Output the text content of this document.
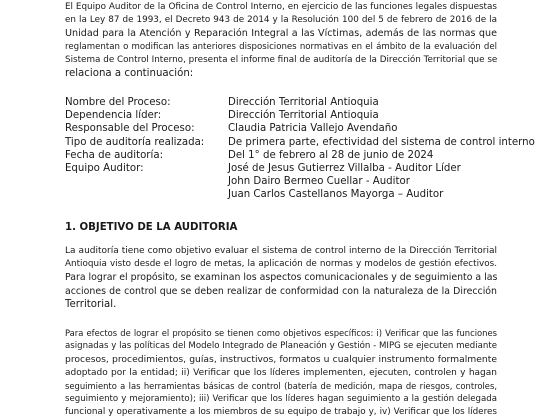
El Equipo Auditor de la Oficina de Control Interno, en ejercicio de las funciones legales dispuestas
en la Ley 87 de 1993, el Decreto 943 de 2014 y la Resolución 100 del 5 de febrero de 2016 de la
Unidad para la Atención y Reparación Integral a las Víctimas, además de las normas que
reglamentan o modifican las anteriores disposiciones normativas en el ámbito de la evaluación del
Sistema de Control Interno, presenta el informe final de auditoría de la Dirección Territorial que se
relaciona a continuación:
Nombre del Proceso:	Dirección Territorial Antioquia
Dependencia líder:	Dirección Territorial Antioquia
Responsable del Proceso:	Claudia Patricia Vallejo Avendaño
Tipo de auditoría realizada: De primera parte, efectividad del sistema de control interno
Fecha de auditoría:	Del 1° de febrero al 28 de junio de 2024
Equipo Auditor:	José de Jesus Gutierrez Villalba - Auditor Líder
John Dairo Bermeo Cuellar - Auditor
Juan Carlos Castellanos Mayorga – Auditor
1. OBJETIVO DE LA AUDITORIA
La auditoría tiene como objetivo evaluar el sistema de control interno de la Dirección Territorial
Antioquia visto desde el logro de metas, la aplicación de normas y modelos de gestión efectivos.
Para lograr el propósito, se examinan los aspectos comunicacionales y de seguimiento a las
acciones de control que se deben realizar de conformidad con la naturaleza de la Dirección
Territorial.
Para efectos de lograr el propósito se tienen como objetivos específicos: i) Verificar que las funciones
asignadas y las políticas del Modelo Integrado de Planeación y Gestión - MIPG se ejecuten mediante
procesos, procedimientos, guías, instructivos, formatos u cualquier instrumento formalmente
adoptado por la entidad; ii) Verificar que los líderes implementen, ejecuten, controlen y hagan
seguimiento a las herramientas básicas de control (batería de medición, mapa de riesgos, controles,
seguimiento y mejoramiento); iii) Verificar que los líderes hagan seguimiento a la gestión delegada
funcional y operativamente a los miembros de su equipo de trabajo y, iv) Verificar que los líderes
